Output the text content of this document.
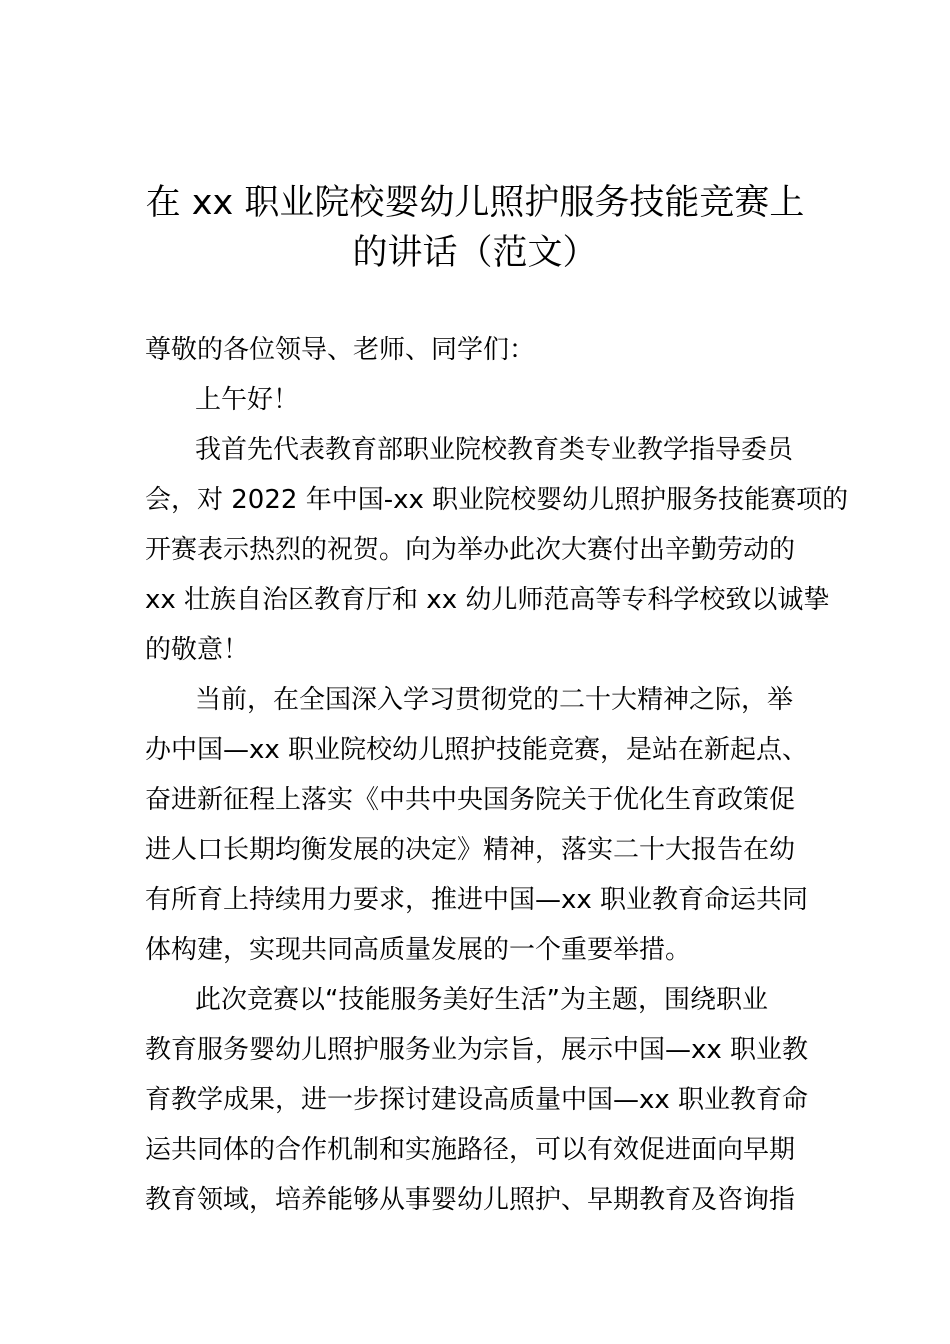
在 xx 职业院校婴幼儿照护服务技能竞赛上
的讲话（范文）
尊敬的各位领导、老师、同学们：
上午好！
我首先代表教育部职业院校教育类专业教学指导委员
会，对 2022 年中国-xx 职业院校婴幼儿照护服务技能赛项的
开赛表示热烈的祝贺。向为举办此次大赛付出辛勤劳动的
xx 壮族自治区教育厅和 xx 幼儿师范高等专科学校致以诚挚
的敬意！
当前，在全国深入学习贯彻党的二十大精神之际，举
办中国—xx 职业院校幼儿照护技能竞赛，是站在新起点、
奋进新征程上落实《中共中央国务院关于优化生育政策促
进人口长期均衡发展的决定》精神，落实二十大报告在幼
有所育上持续用力要求，推进中国—xx 职业教育命运共同
体构建，实现共同高质量发展的一个重要举措。
此次竞赛以“技能服务美好生活”为主题，围绕职业
教育服务婴幼儿照护服务业为宗旨，展示中国—xx 职业教
育教学成果，进一步探讨建设高质量中国—xx 职业教育命
运共同体的合作机制和实施路径，可以有效促进面向早期
教育领域，培养能够从事婴幼儿照护、早期教育及咨询指
